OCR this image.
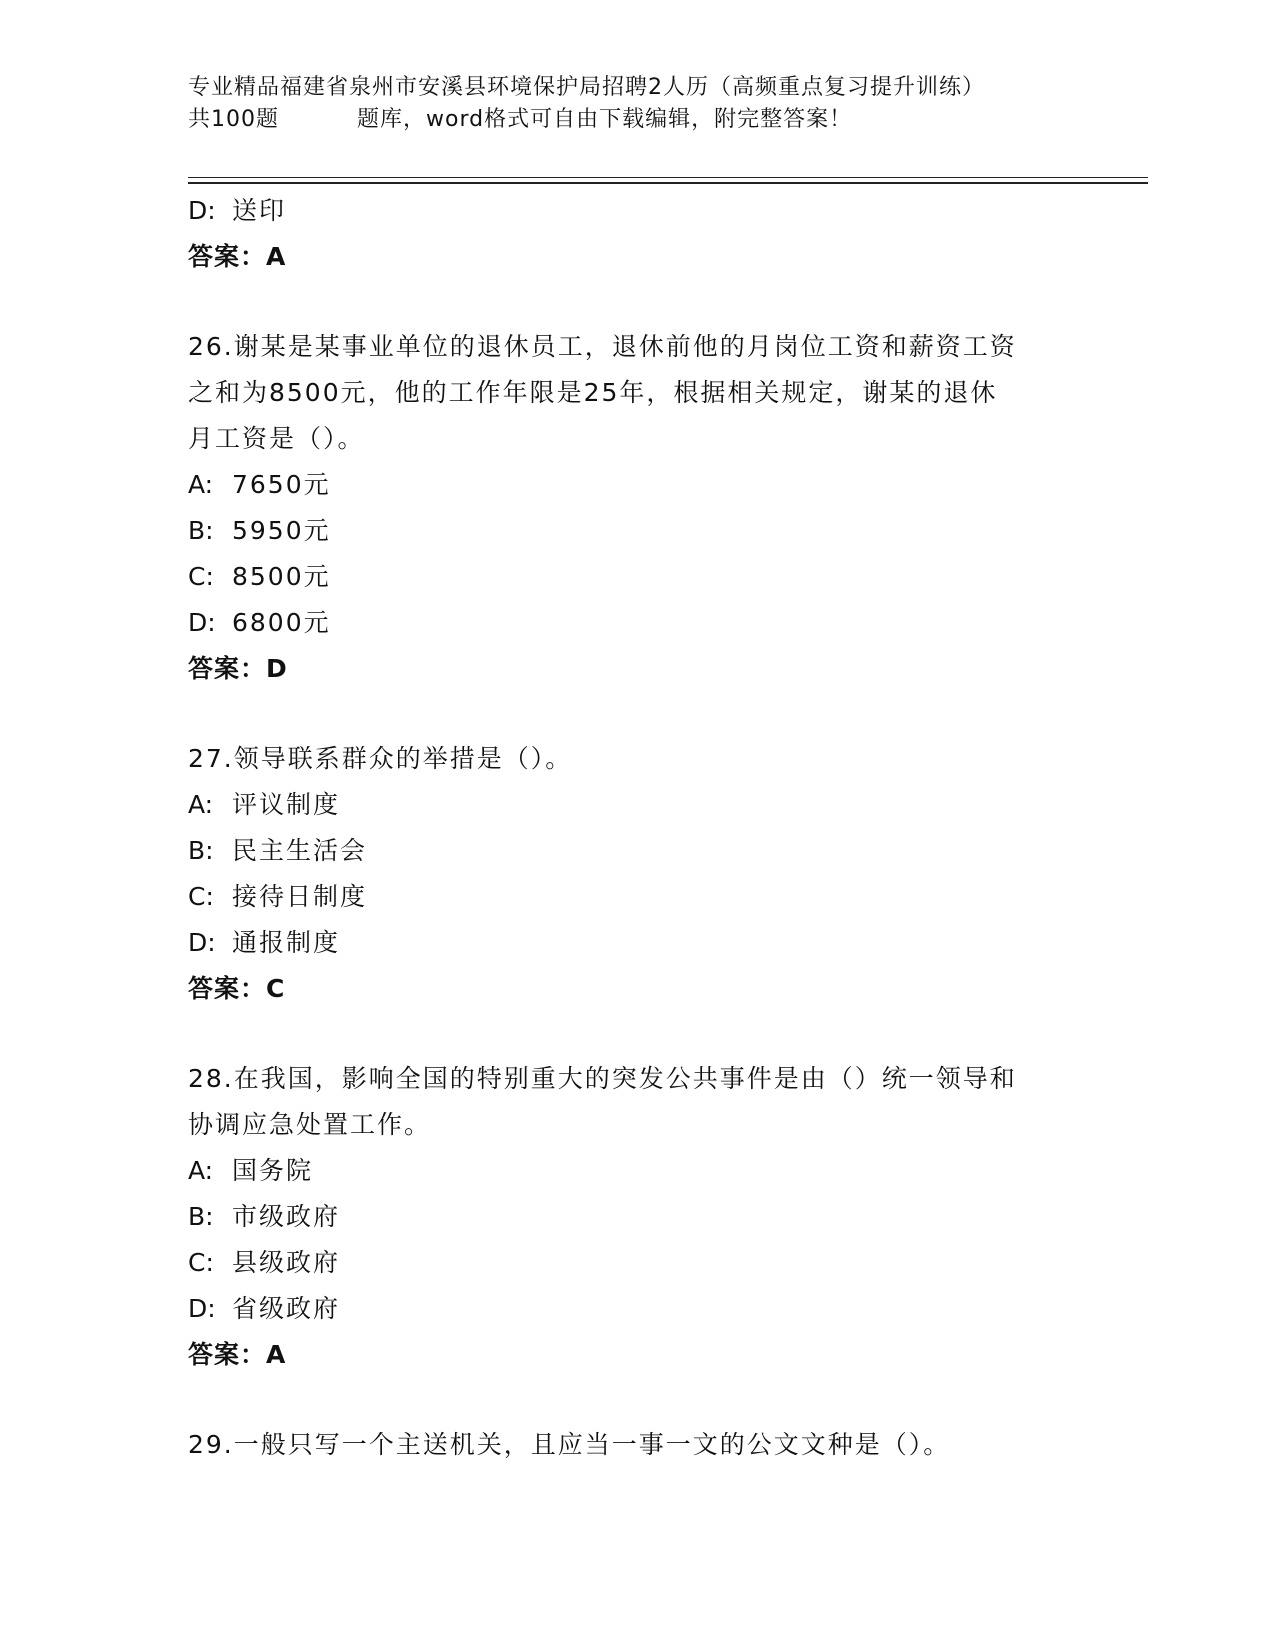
专业精品福建省泉州市安溪县环境保护局招聘2人历（高频重点复习提升训练）
共100题	题库，word格式可自由下载编辑，附完整答案！
D: 送印
答案：A
26.谢某是某事业单位的退休员工，退休前他的月岗位工资和薪资工资
之和为8500元，他的工作年限是25年，根据相关规定，谢某的退休
月工资是（）。
A: 7650元
B: 5950元
C: 8500元
D: 6800元
答案：D
27.领导联系群众的举措是（）。
A: 评议制度
B: 民主生活会
C: 接待日制度
D: 通报制度
答案：C
28.在我国，影响全国的特别重大的突发公共事件是由（）统一领导和
协调应急处置工作。
A: 国务院
B: 市级政府
C: 县级政府
D: 省级政府
答案：A
29.一般只写一个主送机关，且应当一事一文的公文文种是（）。
